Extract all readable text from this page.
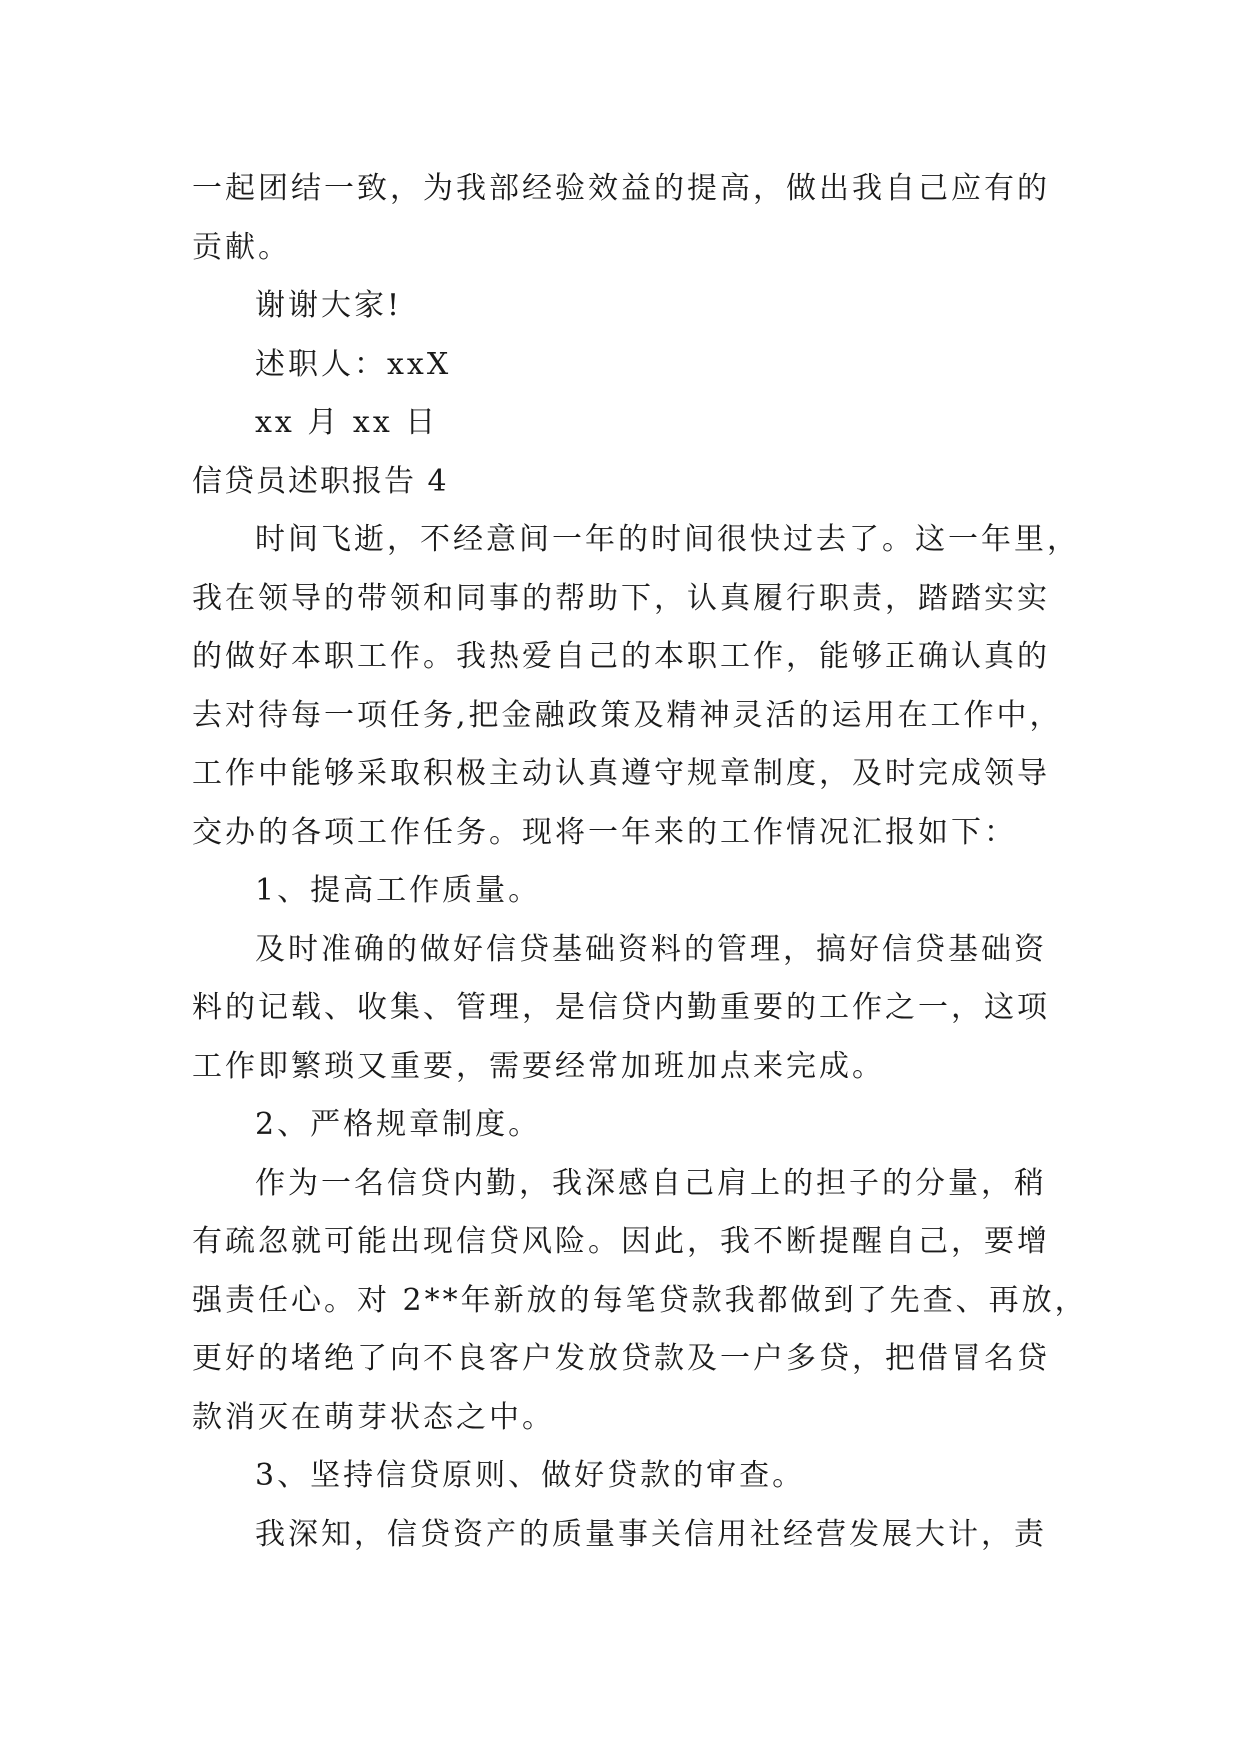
一起团结一致，为我部经验效益的提高，做出我自己应有的
贡献。
谢谢大家!
述职人：xxX
xx 月 xx 日
信贷员述职报告 4
时间飞逝，不经意间一年的时间很快过去了。这一年里，
我在领导的带领和同事的帮助下，认真履行职责，踏踏实实
的做好本职工作。我热爱自己的本职工作，能够正确认真的
去对待每一项任务,把金融政策及精神灵活的运用在工作中，
工作中能够采取积极主动认真遵守规章制度，及时完成领导
交办的各项工作任务。现将一年来的工作情况汇报如下：
1、提高工作质量。
及时准确的做好信贷基础资料的管理，搞好信贷基础资
料的记载、收集、管理，是信贷内勤重要的工作之一，这项
工作即繁琐又重要，需要经常加班加点来完成。
2、严格规章制度。
作为一名信贷内勤，我深感自己肩上的担子的分量，稍
有疏忽就可能出现信贷风险。因此，我不断提醒自己，要增
强责任心。对 2**年新放的每笔贷款我都做到了先查、再放，
更好的堵绝了向不良客户发放贷款及一户多贷，把借冒名贷
款消灭在萌芽状态之中。
3、坚持信贷原则、做好贷款的审查。
我深知，信贷资产的质量事关信用社经营发展大计，责
